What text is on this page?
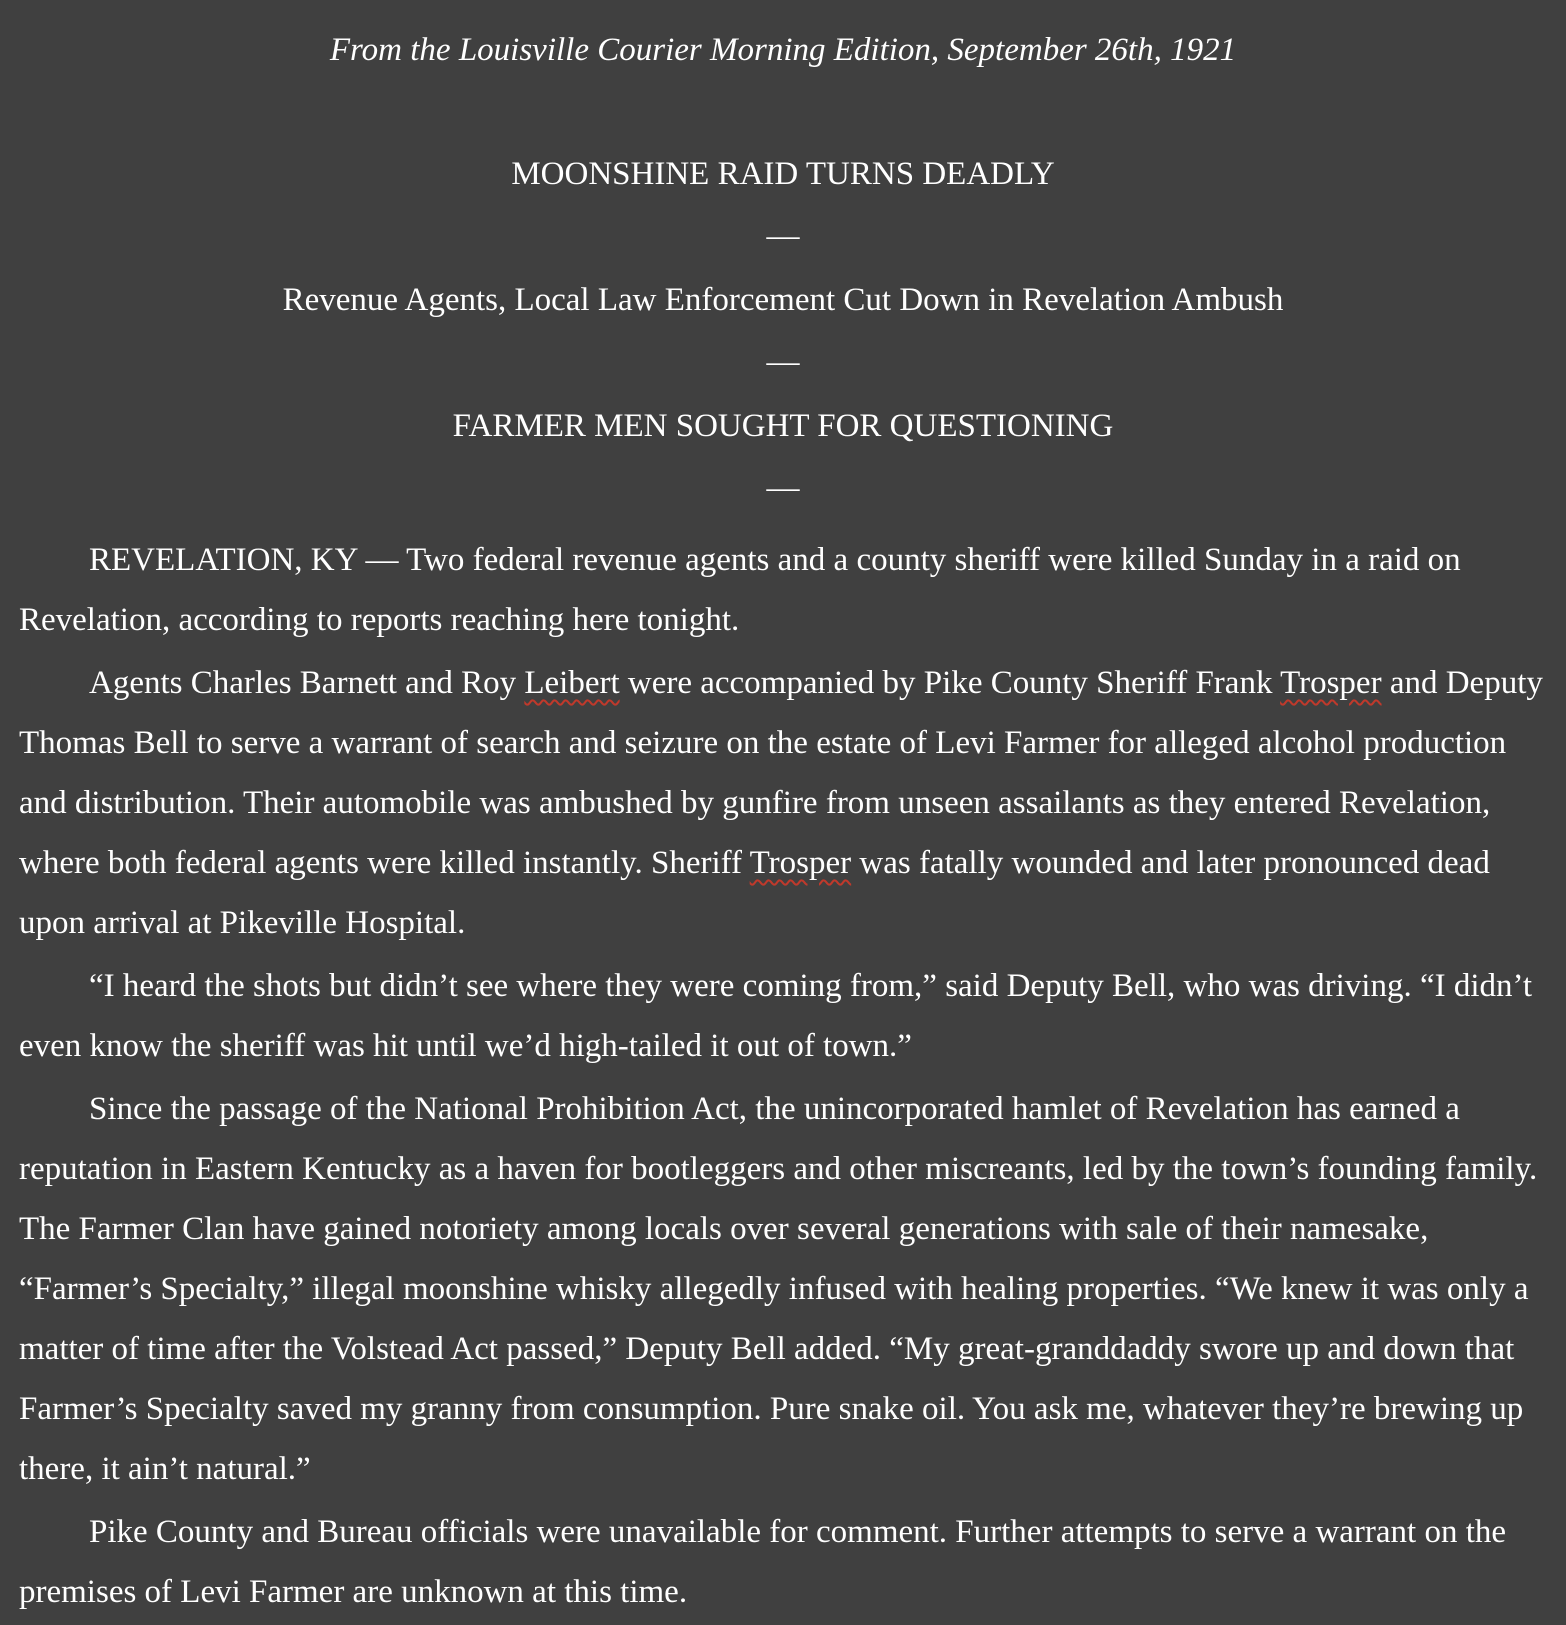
From the Louisville Courier Morning Edition, September 26th, 1921
MOONSHINE RAID TURNS DEADLY
—
Revenue Agents, Local Law Enforcement Cut Down in Revelation Ambush
—
FARMER MEN SOUGHT FOR QUESTIONING
—

REVELATION, KY — Two federal revenue agents and a county sheriff were killed Sunday in a raid on Revelation, according to reports reaching here tonight.

Agents Charles Barnett and Roy Leibert were accompanied by Pike County Sheriff Frank Trosper and Deputy Thomas Bell to serve a warrant of search and seizure on the estate of Levi Farmer for alleged alcohol production and distribution. Their automobile was ambushed by gunfire from unseen assailants as they entered Revelation, where both federal agents were killed instantly. Sheriff Trosper was fatally wounded and later pronounced dead upon arrival at Pikeville Hospital.

“I heard the shots but didn’t see where they were coming from,” said Deputy Bell, who was driving. “I didn’t even know the sheriff was hit until we’d high-tailed it out of town.”

Since the passage of the National Prohibition Act, the unincorporated hamlet of Revelation has earned a reputation in Eastern Kentucky as a haven for bootleggers and other miscreants, led by the town’s founding family. The Farmer Clan have gained notoriety among locals over several generations with sale of their namesake, “Farmer’s Specialty,” illegal moonshine whisky allegedly infused with healing properties. “We knew it was only a matter of time after the Volstead Act passed,” Deputy Bell added. “My great-granddaddy swore up and down that Farmer’s Specialty saved my granny from consumption. Pure snake oil. You ask me, whatever they’re brewing up there, it ain’t natural.”

Pike County and Bureau officials were unavailable for comment. Further attempts to serve a warrant on the premises of Levi Farmer are unknown at this time.
